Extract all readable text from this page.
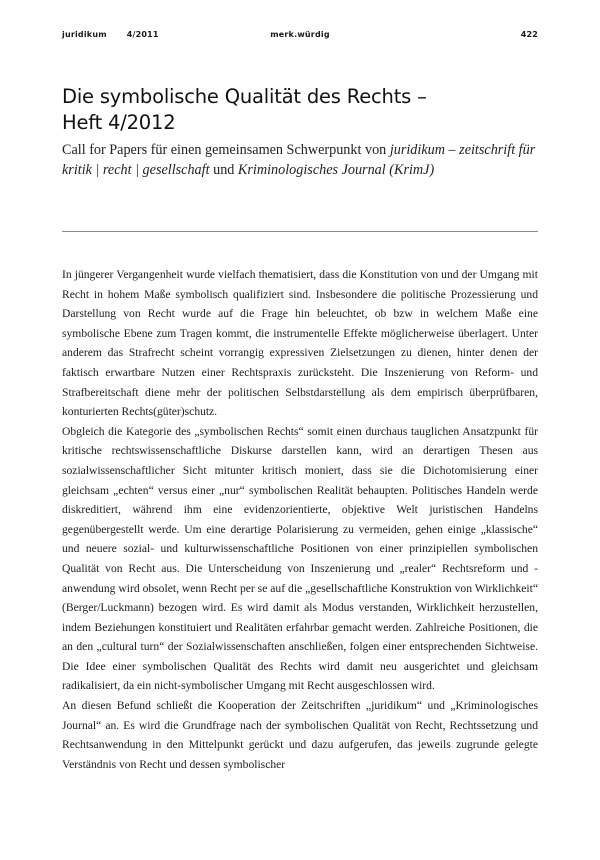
juridikum	4/2011	merk.würdig	422
Die symbolische Qualität des Rechts –
Heft 4/2012
Call for Papers für einen gemeinsamen Schwerpunkt von juridikum – zeitschrift für kritik | recht | gesellschaft und Kriminologisches Journal (KrimJ)

In jüngerer Vergangenheit wurde vielfach thematisiert, dass die Konstitution von und der Umgang mit Recht in hohem Maße symbolisch qualifiziert sind. Insbesondere die politische Prozessierung und Darstellung von Recht wurde auf die Frage hin beleuchtet, ob bzw in welchem Maße eine symbolische Ebene zum Tragen kommt, die instrumentelle Effekte möglicherweise überlagert. Unter anderem das Strafrecht scheint vorrangig expressiven Zielsetzungen zu dienen, hinter denen der faktisch erwartbare Nutzen einer Rechtspraxis zurücksteht. Die Inszenierung von Reform- und Strafbereitschaft diene mehr der politischen Selbstdarstellung als dem empirisch überprüfbaren, konturierten Rechts(güter)schutz.

Obgleich die Kategorie des „symbolischen Rechts“ somit einen durchaus tauglichen Ansatzpunkt für kritische rechtswissenschaftliche Diskurse darstellen kann, wird an derartigen Thesen aus sozialwissenschaftlicher Sicht mitunter kritisch moniert, dass sie die Dichotomisierung einer gleichsam „echten“ versus einer „nur“ symbolischen Realität behaupten. Politisches Handeln werde diskreditiert, während ihm eine evidenzorientierte, objektive Welt juristischen Handelns gegenübergestellt werde. Um eine derartige Polarisierung zu vermeiden, gehen einige „klassische“ und neuere sozial- und kulturwissenschaftliche Positionen von einer prinzipiellen symbolischen Qualität von Recht aus. Die Unterscheidung von Inszenierung und „realer“ Rechtsreform und -anwendung wird obsolet, wenn Recht per se auf die „gesellschaftliche Konstruktion von Wirklichkeit“ (Berger/Luckmann) bezogen wird. Es wird damit als Modus verstanden, Wirklichkeit herzustellen, indem Beziehungen konstituiert und Realitäten erfahrbar gemacht werden. Zahlreiche Positionen, die an den „cultural turn“ der Sozialwissenschaften anschließen, folgen einer entsprechenden Sichtweise. Die Idee einer symbolischen Qualität des Rechts wird damit neu ausgerichtet und gleichsam radikalisiert, da ein nicht-symbolischer Umgang mit Recht ausgeschlossen wird.

An diesen Befund schließt die Kooperation der Zeitschriften „juridikum“ und „Kriminologisches Journal“ an. Es wird die Grundfrage nach der symbolischen Qualität von Recht, Rechtssetzung und Rechtsanwendung in den Mittelpunkt gerückt und dazu aufgerufen, das jeweils zugrunde gelegte Verständnis von Recht und dessen symbolischer
